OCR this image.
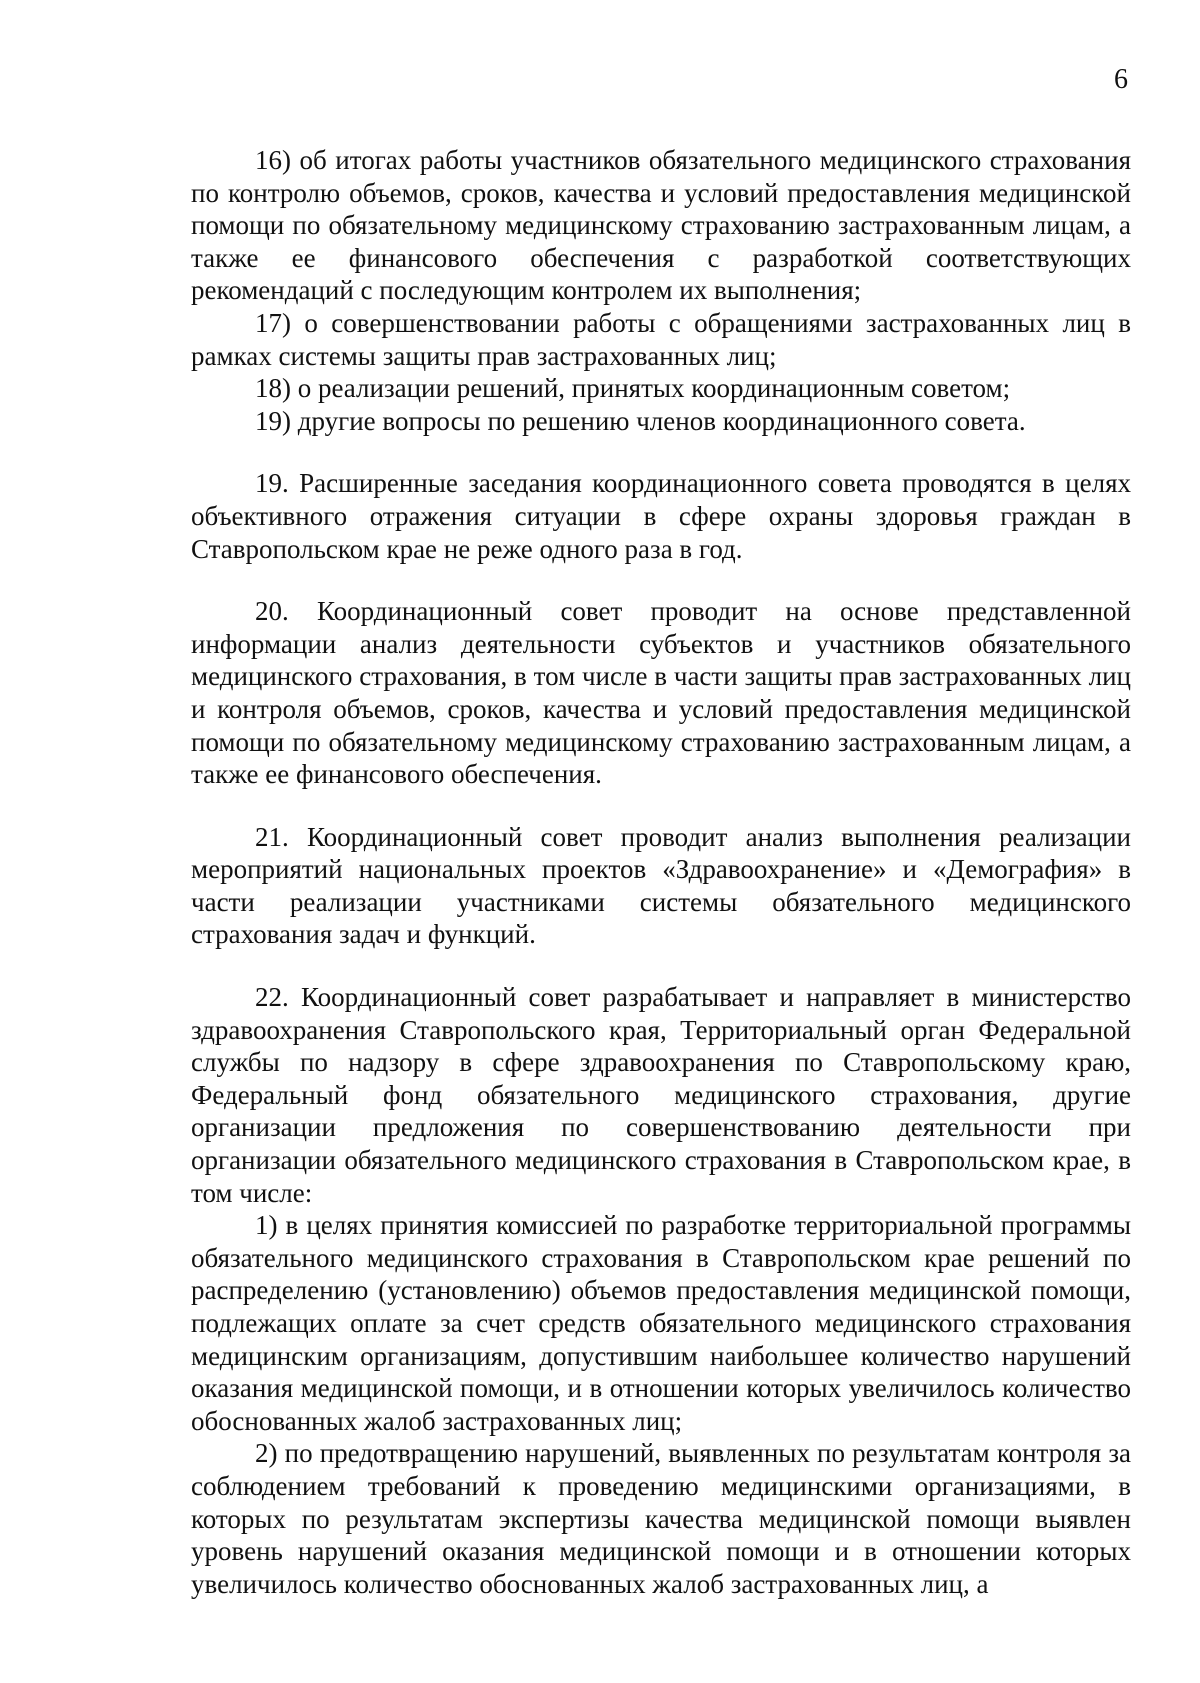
6

16) об итогах работы участников обязательного медицинского страхования по контролю объемов, сроков, качества и условий предоставления медицинской помощи по обязательному медицинскому страхованию застрахованным лицам, а также ее финансового обеспечения с разработкой соответствующих рекомендаций с последующим контролем их выполнения;

17) о совершенствовании работы с обращениями застрахованных лиц в рамках системы защиты прав застрахованных лиц;

18) о реализации решений, принятых координационным советом;

19) другие вопросы по решению членов координационного совета.

19. Расширенные заседания координационного совета проводятся в целях объективного отражения ситуации в сфере охраны здоровья граждан в Ставропольском крае не реже одного раза в год.

20. Координационный совет проводит на основе представленной информации анализ деятельности субъектов и участников обязательного медицинского страхования, в том числе в части защиты прав застрахованных лиц и контроля объемов, сроков, качества и условий предоставления медицинской помощи по обязательному медицинскому страхованию застрахованным лицам, а также ее финансового обеспечения.

21. Координационный совет проводит анализ выполнения реализации мероприятий национальных проектов «Здравоохранение» и «Демография» в части реализации участниками системы обязательного медицинского страхования задач и функций.

22. Координационный совет разрабатывает и направляет в министерство здравоохранения Ставропольского края, Территориальный орган Федеральной службы по надзору в сфере здравоохранения по Ставропольскому краю, Федеральный фонд обязательного медицинского страхования, другие организации предложения по совершенствованию деятельности при организации обязательного медицинского страхования в Ставропольском крае, в том числе:

1) в целях принятия комиссией по разработке территориальной программы обязательного медицинского страхования в Ставропольском крае решений по распределению (установлению) объемов предоставления медицинской помощи, подлежащих оплате за счет средств обязательного медицинского страхования медицинским организациям, допустившим наибольшее количество нарушений оказания медицинской помощи, и в отношении которых увеличилось количество обоснованных жалоб застрахованных лиц;

2) по предотвращению нарушений, выявленных по результатам контроля за соблюдением требований к проведению медицинскими организациями, в которых по результатам экспертизы качества медицинской помощи выявлен уровень нарушений оказания медицинской помощи и в отношении которых увеличилось количество обоснованных жалоб застрахованных лиц, а
